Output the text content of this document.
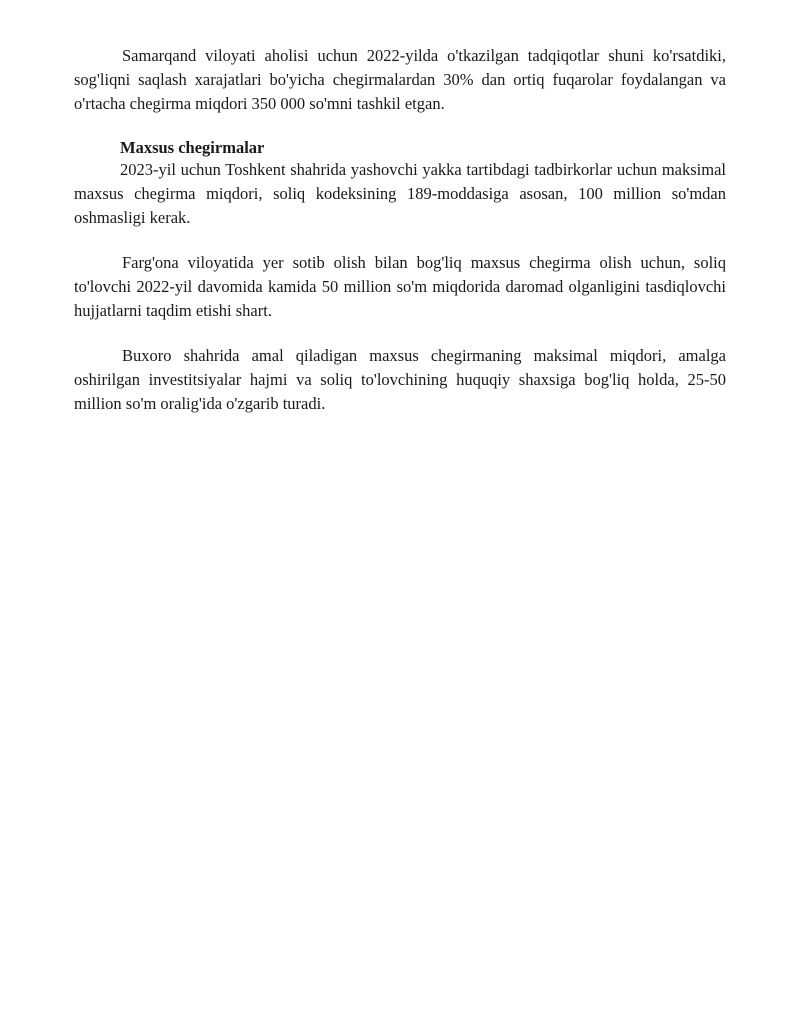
Samarqand viloyati aholisi uchun 2022-yilda o'tkazilgan tadqiqotlar shuni ko'rsatdiki, sog'liqni saqlash xarajatlari bo'yicha chegirmalardan 30% dan ortiq fuqarolar foydalangan va o'rtacha chegirma miqdori 350 000 so'mni tashkil etgan.

Maxsus chegirmalar

2023-yil uchun Toshkent shahrida yashovchi yakka tartibdagi tadbirkorlar uchun maksimal maxsus chegirma miqdori, soliq kodeksining 189-moddasiga asosan, 100 million so'mdan oshmasligi kerak.

Farg'ona viloyatida yer sotib olish bilan bog'liq maxsus chegirma olish uchun, soliq to'lovchi 2022-yil davomida kamida 50 million so'm miqdorida daromad olganligini tasdiqlovchi hujjatlarni taqdim etishi shart.

Buxoro shahrida amal qiladigan maxsus chegirmaning maksimal miqdori, amalga oshirilgan investitsiyalar hajmi va soliq to'lovchining huquqiy shaxsiga bog'liq holda, 25-50 million so'm oralig'ida o'zgarib turadi.
